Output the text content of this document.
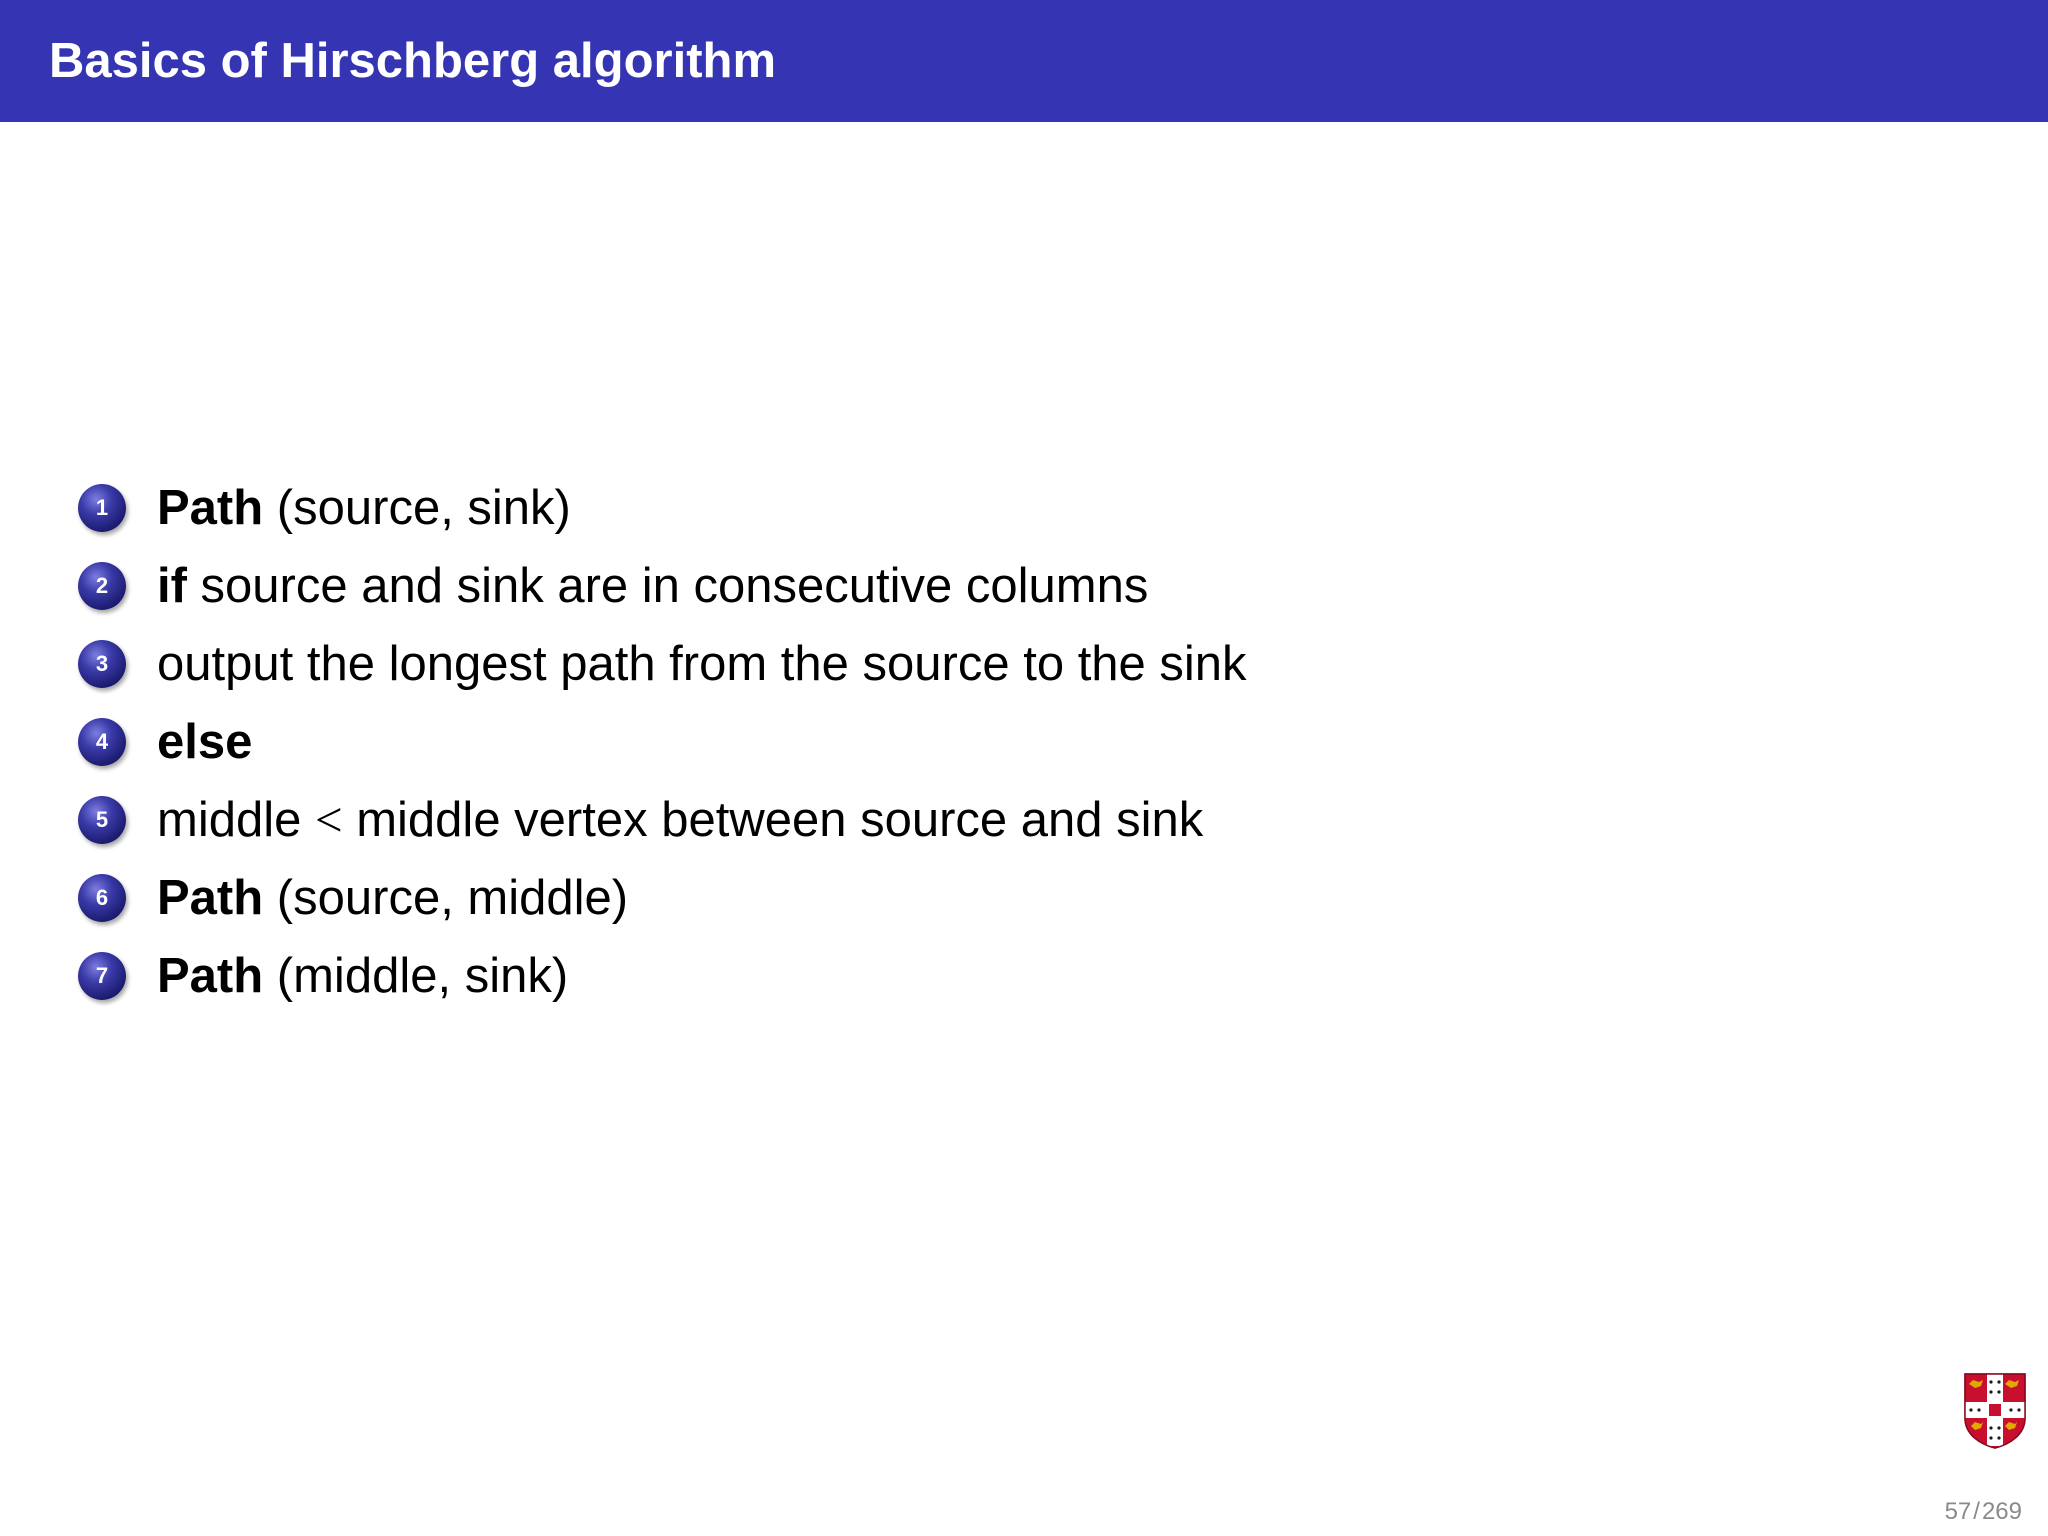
Basics of Hirschberg algorithm
1 Path (source, sink)
2 if source and sink are in consecutive columns
3 output the longest path from the source to the sink
4 else
5 middle < middle vertex between source and sink
6 Path (source, middle)
7 Path (middle, sink)
57/269
